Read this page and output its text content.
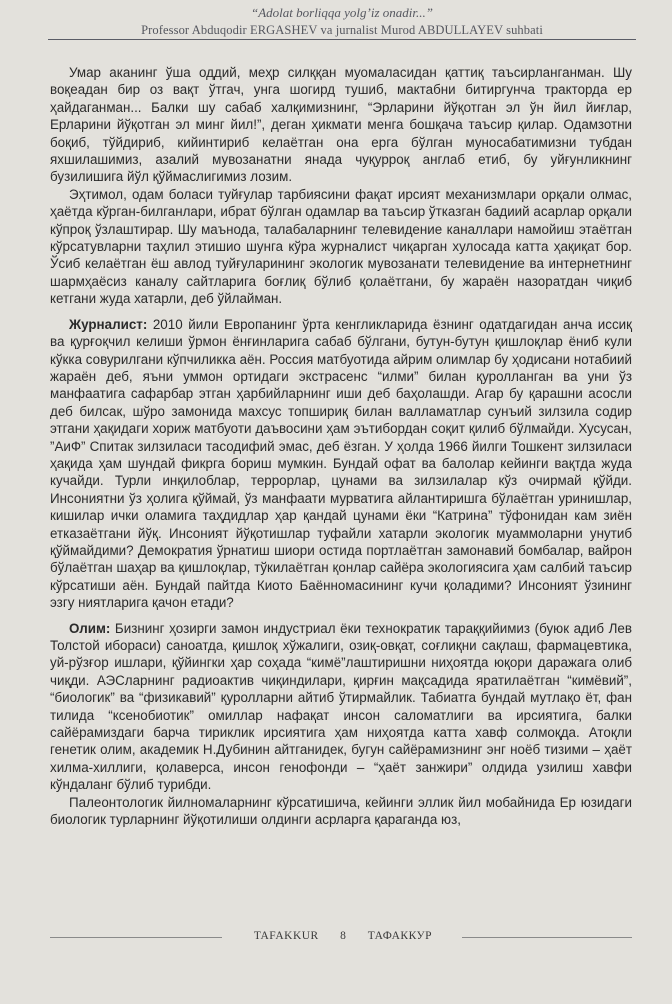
“Adolat borliqqa yolg’iz onadir...”
Professor Abduqodir ERGASHEV va jurnalist Murod ABDULLAYEV suhbati

Умар аканинг ўша оддий, меҳр силққан муомаласидан қаттиқ таъсирланганман. Шу воқеадан бир оз вақт ўтгач, унга шогирд тушиб, мактабни битиргунча тракторда ер ҳайдаганман... Балки шу сабаб халқимизнинг, “Эрларини йўқотган эл ўн йил йиғлар, Ерларини йўқотган эл минг йил!”, деган ҳикмати менга бошқача таъсир қилар. Одамзотни боқиб, тўйдириб, кийинтириб келаётган она ерга бўлган муносабатимизни тубдан яхшилашимиз, азалий мувозанатни янада чуқурроқ англаб етиб, бу уйғунликнинг бузилишига йўл қўймаслигимиз лозим.

Эҳтимол, одам боласи туйғулар тарбиясини фақат ирсият механизмлари орқали олмас, ҳаётда кўрган-билганлари, ибрат бўлган одамлар ва таъсир ўтказган бадиий асарлар орқали кўпроқ ўзлаштирар. Шу маънода, талабаларнинг телевидение каналлари намойиш этаётган кўрсатувларни таҳлил этишио шунга кўра журналист чиқарган хулосада катта ҳақиқат бор. Ўсиб келаётган ёш авлод туйғуларининг экологик мувозанати телевидение ва интернетнинг шармҳаёсиз каналу сайтларига боғлиқ бўлиб қолаётгани, бу жараён назоратдан чиқиб кетгани жуда хатарли, деб ўйлайман.

Журналист: 2010 йили Европанинг ўрта кенгликларида ёзнинг одатдагидан анча иссиқ ва қурғоқчил келиши ўрмон ёнғинларига сабаб бўлгани, бутун-бутун қишлоқлар ёниб кули кўкка совурилгани кўпчиликка аён. Россия матбуотида айрим олимлар бу ҳодисани нотабиий жараён деб, яъни уммон ортидаги экстрасенс “илми” билан қуролланган ва уни ўз манфаатига сафарбар этган ҳарбийларнинг иши деб баҳолашди. Агар бу қарашни асосли деб билсак, шўро замонида махсус топшириқ билан валламатлар сунъий зилзила содир этгани ҳақидаги хориж матбуоти даъвосини ҳам эътибордан соқит қилиб бўлмайди. Хусусан, ”АиФ” Спитак зилзиласи тасодифий эмас, деб ёзган. У ҳолда 1966 йилги Тошкент зилзиласи ҳақида ҳам шундай фикрга бориш мумкин. Бундай офат ва балолар кейинги вақтда жуда кучайди. Турли инқилоблар, террорлар, цунами ва зилзилалар кўз очирмай қўйди. Инсониятни ўз ҳолига қўймай, ўз манфаати мурватига айлантиришга бўлаётган уринишлар, кишилар ички оламига таҳдидлар ҳар қандай цунами ёки “Катрина” тўфонидан кам зиён етказаётгани йўқ. Инсоният йўқотишлар туфайли хатарли экологик муаммоларни унутиб қўймайдими? Демократия ўрнатиш шиори остида портлаётган замонавий бомбалар, вайрон бўлаётган шаҳар ва қишлоқлар, тўкилаётган қонлар сайёра экологиясига ҳам салбий таъсир кўрсатиши аён. Бундай пайтда Киото Баённомасининг кучи қоладими? Инсоният ўзининг эзгу ниятларига қачон етади?

Олим: Бизнинг ҳозирги замон индустриал ёки технократик тараққийимиз (буюк адиб Лев Толстой ибораси) саноатда, қишлоқ хўжалиги, озиқ-овқат, соғлиқни сақлаш, фармацевтика, уй-рўзғор ишлари, қўйингки ҳар соҳада “кимё”лаштиришни ниҳоятда юқори даражага олиб чиқди. АЭСларнинг радиоактив чиқиндилари, қирғин мақсадида яратилаётган “кимёвий”, “биологик” ва “физикавий” қуролларни айтиб ўтирмайлик. Табиатга бундай мутлақо ёт, фан тилида “ксенобиотик” омиллар нафақат инсон саломатлиги ва ирсиятига, балки сайёрамиздаги барча тириклик ирсиятига ҳам ниҳоятда катта хавф солмоқда. Атоқли генетик олим, академик Н.Дубинин айтганидек, бугун сайёрамизнинг энг ноёб тизими – ҳаёт хилма-хиллиги, қолаверса, инсон генофонди – “ҳаёт занжири” олдида узилиш хавфи кўндаланг бўлиб турибди.

Палеонтологик йилномаларнинг кўрсатишича, кейинги эллик йил мобайнида Ер юзидаги биологик турларнинг йўқотилиши олдинги асрларга қараганда юз,

TAFAKKUR 8 ТАФАККУР
